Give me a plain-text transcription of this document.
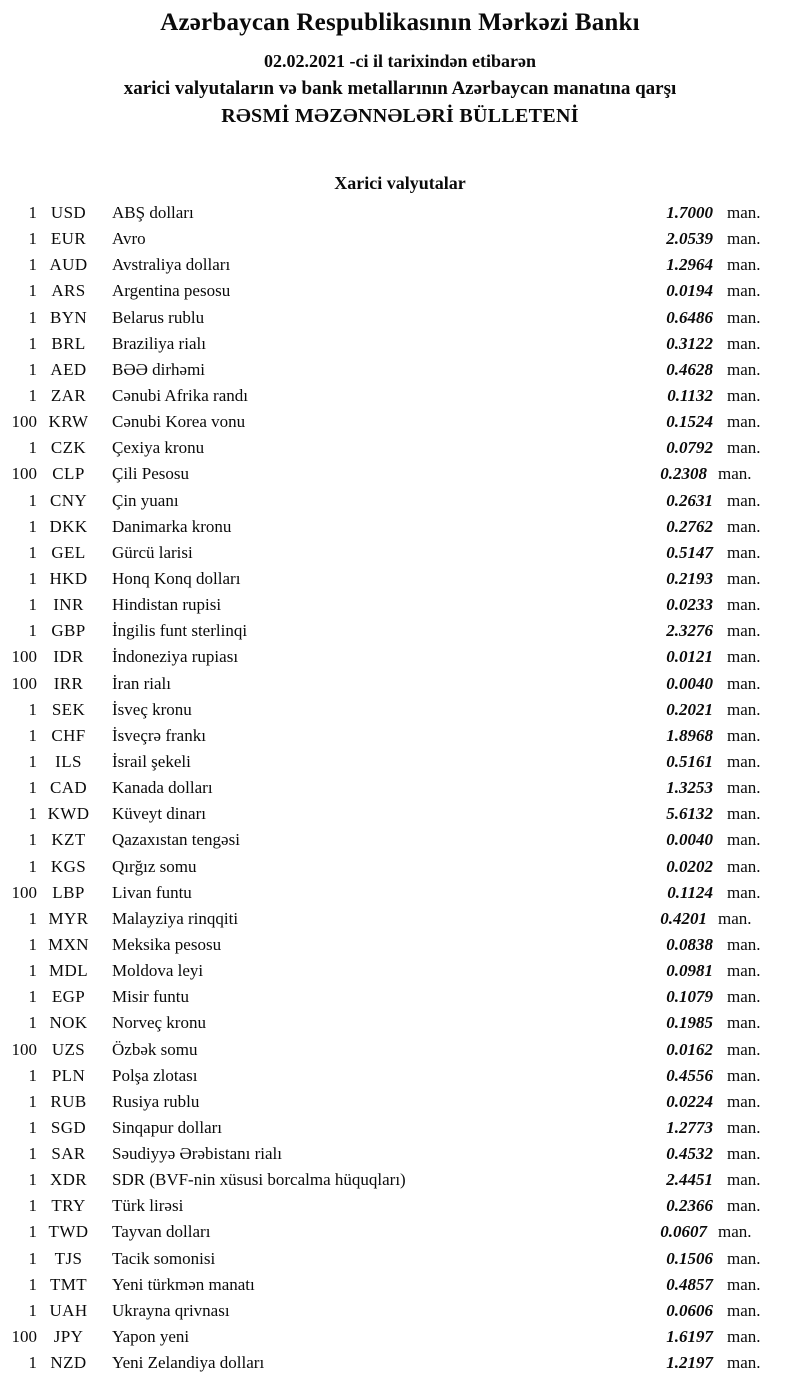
Azərbaycan Respublikasının Mərkəzi Bankı
02.02.2021 -ci il tarixindən etibarən
xarici valyutaların və bank metallarının Azərbaycan manatına qarşı
RƏSMİ MƏZƏNNƏLƏRİ BÜLLETENİ
Xarici valyutalar
1 USD	ABŞ dolları	1.7000 man.
1 EUR	Avro	2.0539 man.
1 AUD	Avstraliya dolları	1.2964 man.
1 ARS	Argentina pesosu	0.0194 man.
1 BYN	Belarus rublu	0.6486 man.
1 BRL	Braziliya rialı	0.3122 man.
1 AED	BƏƏ dirhəmi	0.4628 man.
1 ZAR	Cənubi Afrika randı	0.1132 man.
100 KRW	Cənubi Korea vonu	0.1524 man.
1 CZK	Çexiya kronu	0.0792 man.
100 CLP	Çili Pesosu	0.2308 man.
1 CNY	Çin yuanı	0.2631 man.
1 DKK	Danimarka kronu	0.2762 man.
1 GEL	Gürcü larisi	0.5147 man.
1 HKD	Honq Konq dolları	0.2193 man.
1 INR	Hindistan rupisi	0.0233 man.
1 GBP	İngilis funt sterlinqi	2.3276 man.
100 IDR	İndoneziya rupiası	0.0121 man.
100 IRR	İran rialı	0.0040 man.
1 SEK	İsveç kronu	0.2021 man.
1 CHF	İsveçrə frankı	1.8968 man.
1	ILS	İsrail şekeli	0.5161 man.
1 CAD	Kanada dolları	1.3253 man.
1 KWD	Küveyt dinarı	5.6132 man.
1 KZT	Qazaxıstan tengəsi	0.0040 man.
1 KGS	Qırğız somu	0.0202 man.
100 LBP	Livan funtu	0.1124 man.
1 MYR	Malayziya rinqqiti	0.4201 man.
1 MXN	Meksika pesosu	0.0838 man.
1 MDL	Moldova leyi	0.0981 man.
1 EGP	Misir funtu	0.1079 man.
1 NOK	Norveç kronu	0.1985 man.
100 UZS	Özbək somu	0.0162 man.
1 PLN	Polşa zlotası	0.4556 man.
1 RUB	Rusiya rublu	0.0224 man.
1 SGD	Sinqapur dolları	1.2773 man.
1 SAR	Səudiyyə Ərəbistanı rialı	0.4532 man.
1 XDR	SDR (BVF-nin xüsusi borcalma hüquqları)	2.4451 man.
1 TRY	Türk lirəsi	0.2366 man.
1 TWD	Tayvan dolları	0.0607 man.
1	TJS	Tacik somonisi	0.1506 man.
1 TMT	Yeni türkmən manatı	0.4857 man.
1 UAH	Ukrayna qrivnası	0.0606 man.
100 JPY	Yapon yeni	1.6197 man.
1 NZD	Yeni Zelandiya dolları	1.2197 man.
